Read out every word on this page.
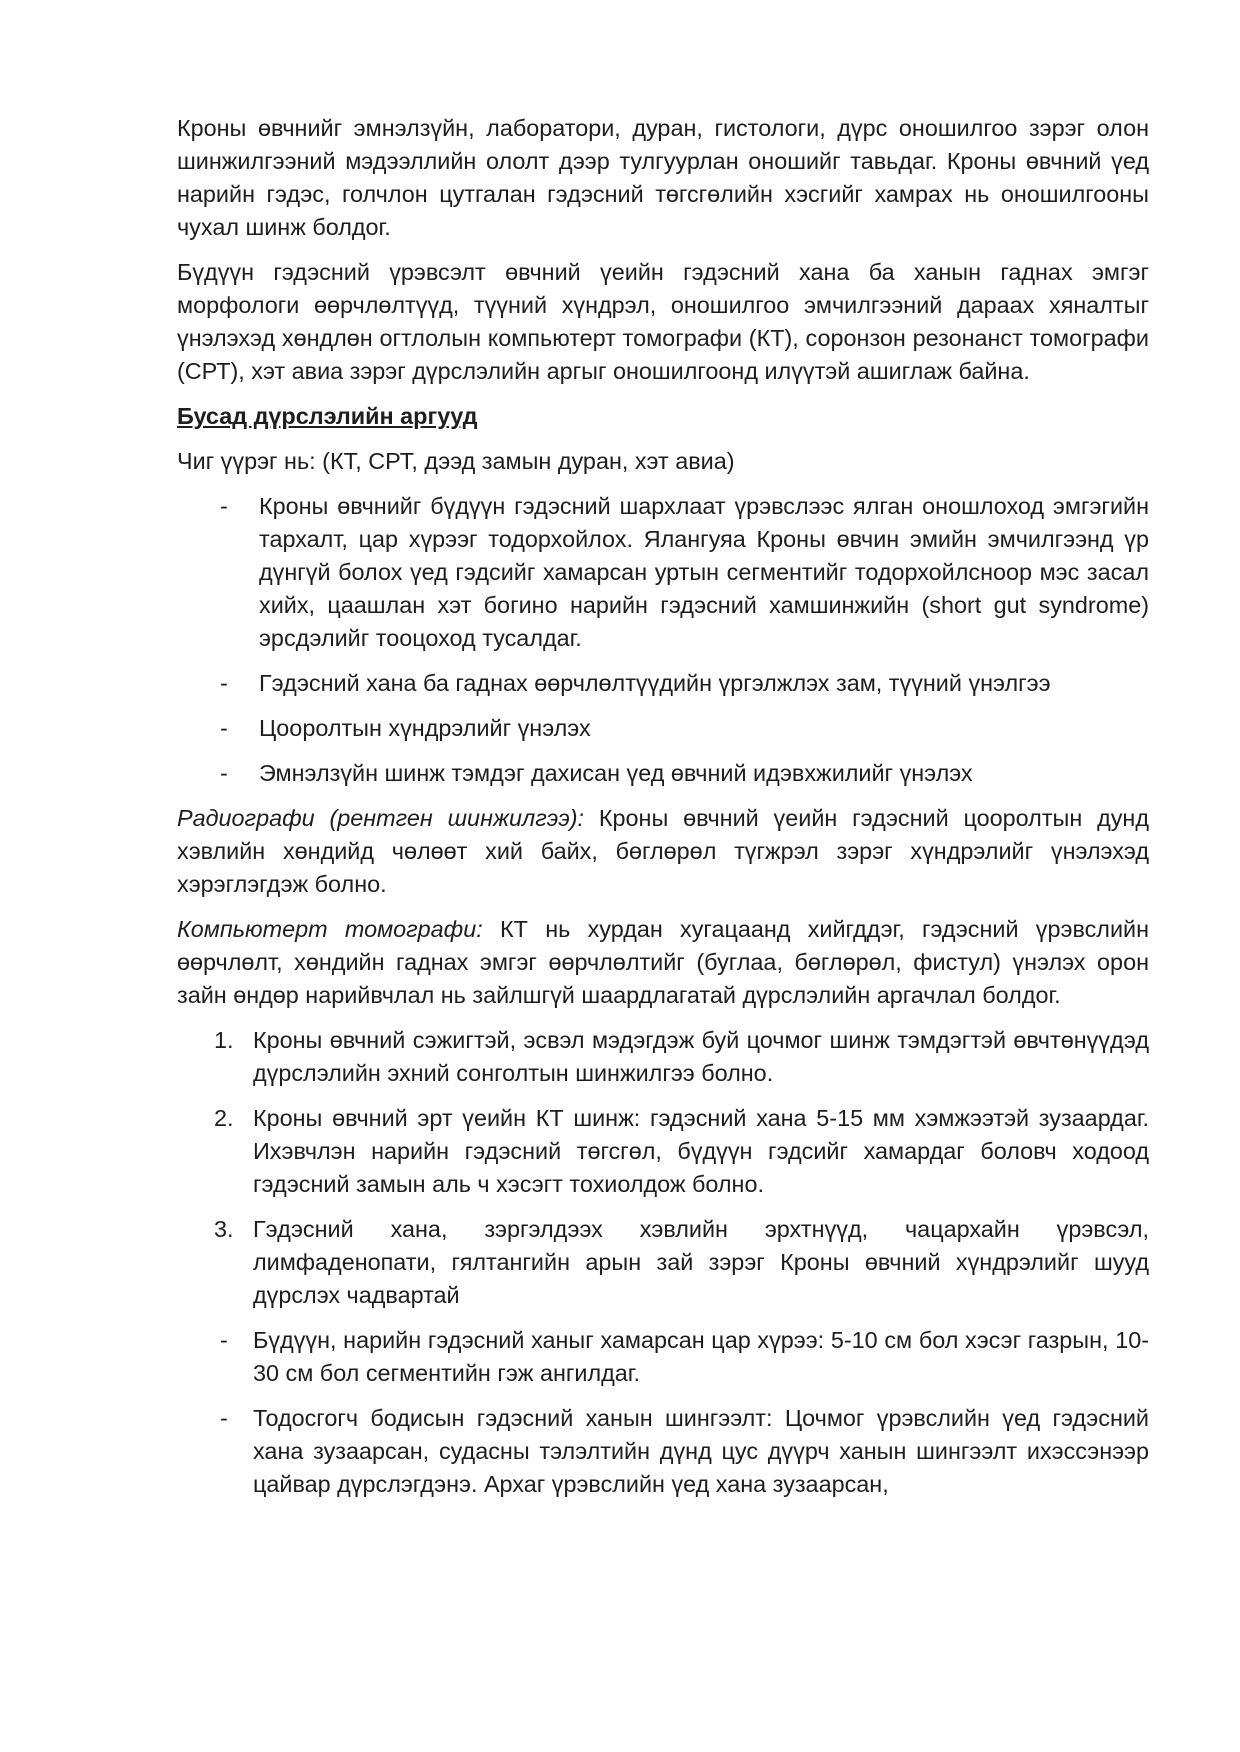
Кроны өвчнийг эмнэлзүйн, лаборатори, дуран, гистологи, дүрс оношилгоо зэрэг олон шинжилгээний мэдээллийн ололт дээр тулгуурлан оношийг тавьдаг. Кроны өвчний үед нарийн гэдэс, голчлон цутгалан гэдэсний төгсгөлийн хэсгийг хамрах нь оношилгооны чухал шинж болдог.

Бүдүүн гэдэсний үрэвсэлт өвчний үеийн гэдэсний хана ба ханын гаднах эмгэг морфологи өөрчлөлтүүд, түүний хүндрэл, оношилгоо эмчилгээний дараах хяналтыг үнэлэхэд хөндлөн огтлолын компьютерт томографи (КТ), соронзон резонанст томографи (СРТ), хэт авиа зэрэг дүрслэлийн аргыг оношилгоонд илүүтэй ашиглаж байна.

Бусад дүрслэлийн аргууд

Чиг үүрэг нь: (КТ, СРТ, дээд замын дуран, хэт авиа)

- Кроны өвчнийг бүдүүн гэдэсний шархлаат үрэвслээс ялган оношлоход эмгэгийн тархалт, цар хүрээг тодорхойлох. Ялангуяа Кроны өвчин эмийн эмчилгээнд үр дүнгүй болох үед гэдсийг хамарсан уртын сегментийг тодорхойлсноор мэс засал хийх, цаашлан хэт богино нарийн гэдэсний хамшинжийн (short gut syndrome) эрсдэлийг тооцоход тусалдаг.
- Гэдэсний хана ба гаднах өөрчлөлтүүдийн үргэлжлэх зам, түүний үнэлгээ
- Цооролтын хүндрэлийг үнэлэх
- Эмнэлзүйн шинж тэмдэг дахисан үед өвчний идэвхжилийг үнэлэх

Радиографи (рентген шинжилгээ): Кроны өвчний үеийн гэдэсний цооролтын дунд хэвлийн хөндийд чөлөөт хий байх, бөглөрөл түгжрэл зэрэг хүндрэлийг үнэлэхэд хэрэглэгдэж болно.

Компьютерт томографи: КТ нь хурдан хугацаанд хийгддэг, гэдэсний үрэвслийн өөрчлөлт, хөндийн гаднах эмгэг өөрчлөлтийг (буглаа, бөглөрөл, фистул) үнэлэх орон зайн өндөр нарийвчлал нь зайлшгүй шаардлагатай дүрслэлийн аргачлал болдог.

1. Кроны өвчний сэжигтэй, эсвэл мэдэгдэж буй цочмог шинж тэмдэгтэй өвчтөнүүдэд дүрслэлийн эхний сонголтын шинжилгээ болно.
2. Кроны өвчний эрт үеийн КТ шинж: гэдэсний хана 5-15 мм хэмжээтэй зузаардаг. Ихэвчлэн нарийн гэдэсний төгсгөл, бүдүүн гэдсийг хамардаг боловч ходоод гэдэсний замын аль ч хэсэгт тохиолдож болно.
3. Гэдэсний хана, зэргэлдээх хэвлийн эрхтнүүд, чацархайн үрэвсэл, лимфаденопати, гялтангийн арын зай зэрэг Кроны өвчний хүндрэлийг шууд дүрслэх чадвартай
- Бүдүүн, нарийн гэдэсний ханыг хамарсан цар хүрээ: 5-10 см бол хэсэг газрын, 10-30 см бол сегментийн гэж ангилдаг.
- Тодосгогч бодисын гэдэсний ханын шингээлт: Цочмог үрэвслийн үед гэдэсний хана зузаарсан, судасны тэлэлтийн дүнд цус дүүрч ханын шингээлт ихэссэнээр цайвар дүрслэгдэнэ. Архаг үрэвслийн үед хана зузаарсан,
